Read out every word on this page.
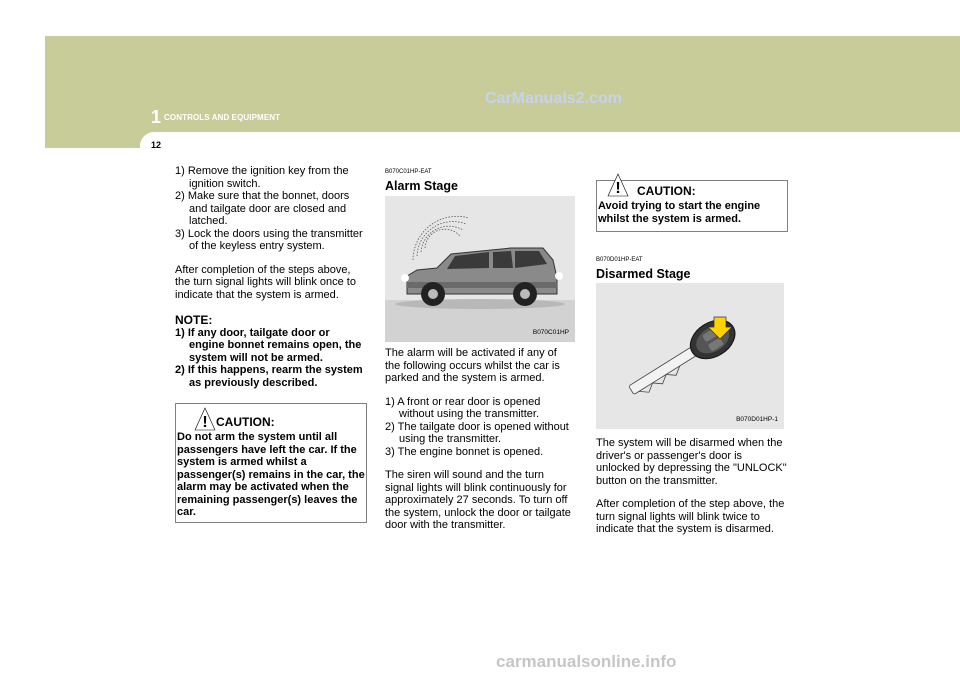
1 CONTROLS AND EQUIPMENT
CarManuals2.com
12

1) Remove the ignition key from the ignition switch.

2) Make sure that the bonnet, doors and tailgate door are closed and latched.

3) Lock the doors using the transmitter of the keyless entry system.

After completion of the steps above, the turn signal lights will blink once to indicate that the system is armed.

NOTE:

1) If any door, tailgate door or engine bonnet remains open, the system will not be armed.

2) If this happens, rearm the system as previously described.

! CAUTION:

Do not arm the system until all passengers have left the car. If the system is armed whilst a passenger(s) remains in the car, the alarm may be activated when the remaining passenger(s) leaves the car.

B070C01HP-EAT

Alarm Stage

B070C01HP

The alarm will be activated if any of the following occurs whilst the car is parked and the system is armed.

1) A front or rear door is opened without using the transmitter.

2) The tailgate door is opened without using the transmitter.

3) The engine bonnet is opened.

The siren will sound and the turn signal lights will blink continuously for approximately 27 seconds. To turn off the system, unlock the door or tailgate door with the transmitter.

! CAUTION:

Avoid trying to start the engine whilst the system is armed.

B070D01HP-EAT

Disarmed Stage

B070D01HP-1

The system will be disarmed when the driver's or passenger's door is unlocked by depressing the "UNLOCK" button on the transmitter.

After completion of the step above, the turn signal lights will blink twice to indicate that the system is disarmed.

carmanualsonline.info
